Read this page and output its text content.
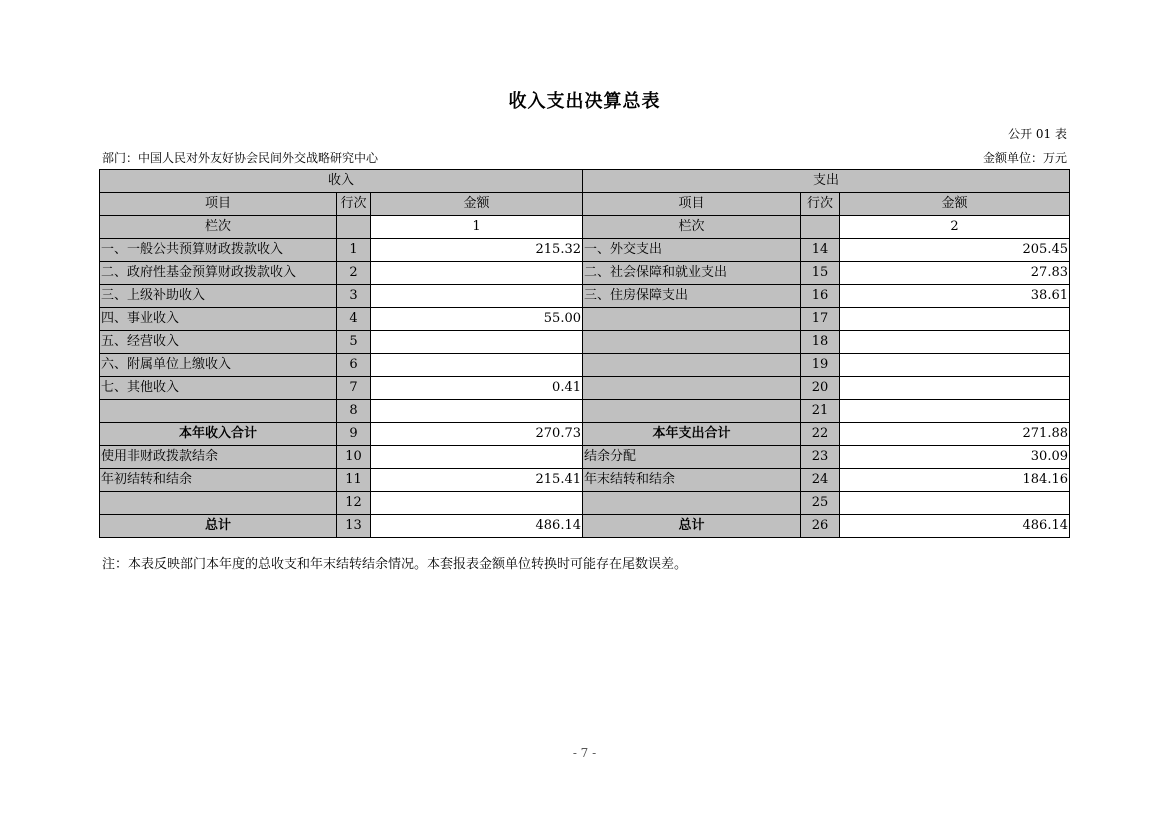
收入支出决算总表
公开 01 表
部门：中国人民对外友好协会民间外交战略研究中心	金额单位：万元
收入			支出		
项目	行次	金额	项目	行次	金额
栏次		1	栏次		2
一、一般公共预算财政拨款收入	1	215.32	一、外交支出	14	205.45
二、政府性基金预算财政拨款收入	2		二、社会保障和就业支出	15	27.83
三、上级补助收入	3		三、住房保障支出	16	38.61
四、事业收入	4	55.00		17	
五、经营收入	5			18	
六、附属单位上缴收入	6			19	
七、其他收入	7	0.41		20	
	8			21	
本年收入合计	9	270.73	本年支出合计	22	271.88
使用非财政拨款结余	10		结余分配	23	30.09
年初结转和结余	11	215.41	年末结转和结余	24	184.16
	12			25	
总计	13	486.14	总计	26	486.14
注：本表反映部门本年度的总收支和年末结转结余情况。本套报表金额单位转换时可能存在尾数误差。
- 7 -
